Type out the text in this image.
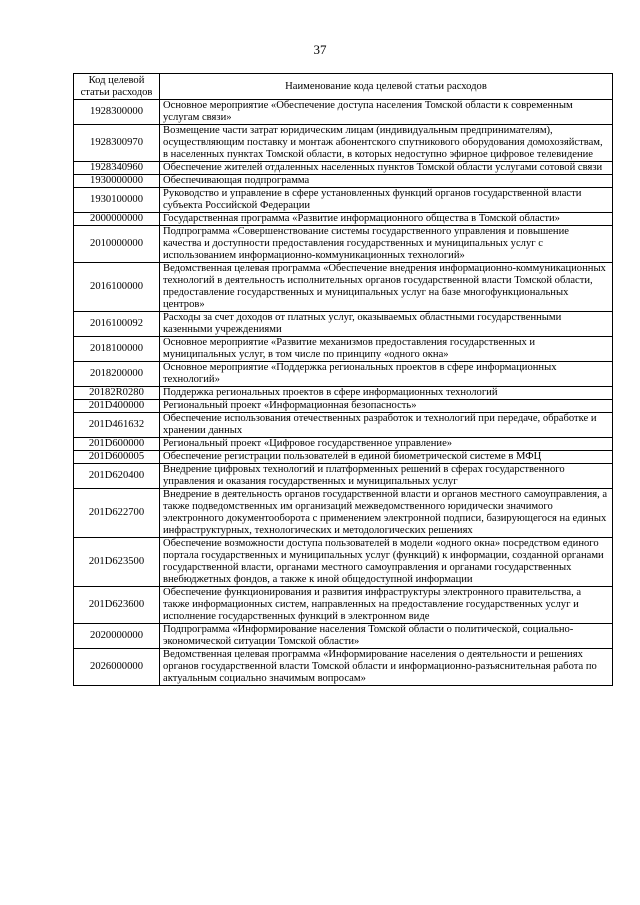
37
Код целевой статьи расходов	Наименование кода целевой статьи расходов
1928300000	Основное мероприятие «Обеспечение доступа населения Томской области к современным услугам связи»
1928300970	Возмещение части затрат юридическим лицам (индивидуальным предпринимателям), осуществляющим поставку и монтаж абонентского спутникового оборудования домохозяйствам, в населенных пунктах Томской области, в которых недоступно эфирное цифровое телевидение
1928340960	Обеспечение жителей отдаленных населенных пунктов Томской области услугами сотовой связи
1930000000	Обеспечивающая подпрограмма
1930100000	Руководство и управление в сфере установленных функций органов государственной власти субъекта Российской Федерации
2000000000	Государственная программа «Развитие информационного общества в Томской области»
2010000000	Подпрограмма «Совершенствование системы государственного управления и повышение качества и доступности предоставления государственных и муниципальных услуг с использованием информационно-коммуникационных технологий»
2016100000	Ведомственная целевая программа «Обеспечение внедрения информационно-коммуникационных технологий в деятельность исполнительных органов государственной власти Томской области, предоставление государственных и муниципальных услуг на базе многофункциональных центров»
2016100092	Расходы за счет доходов от платных услуг, оказываемых областными государственными казенными учреждениями
2018100000	Основное мероприятие «Развитие механизмов предоставления государственных и муниципальных услуг, в том числе по принципу «одного окна»
2018200000	Основное мероприятие «Поддержка региональных проектов в сфере информационных технологий»
20182R0280	Поддержка региональных проектов в сфере информационных технологий
201D400000	Региональный проект «Информационная безопасность»
201D461632	Обеспечение использования отечественных разработок и технологий при передаче, обработке и хранении данных
201D600000	Региональный проект «Цифровое государственное управление»
201D600005	Обеспечение регистрации пользователей в единой биометрической системе в МФЦ
201D620400	Внедрение цифровых технологий и платформенных решений в сферах государственного управления и оказания государственных и муниципальных услуг
201D622700	Внедрение в деятельность органов государственной власти и органов местного самоуправления, а также подведомственных им организаций межведомственного юридически значимого электронного документооборота с применением электронной подписи, базирующегося на единых инфраструктурных, технологических и методологических решениях
201D623500	Обеспечение возможности доступа пользователей в модели «одного окна» посредством единого портала государственных и муниципальных услуг (функций) к информации, созданной органами государственной власти, органами местного самоуправления и органами государственных внебюджетных фондов, а также к иной общедоступной информации
201D623600	Обеспечение функционирования и развития инфраструктуры электронного правительства, а также информационных систем, направленных на предоставление государственных услуг и исполнение государственных функций в электронном виде
2020000000	Подпрограмма «Информирование населения Томской области о политической, социально-экономической ситуации Томской области»
2026000000	Ведомственная целевая программа «Информирование населения о деятельности и решениях органов государственной власти Томской области и информационно-разъяснительная работа по актуальным социально значимым вопросам»
